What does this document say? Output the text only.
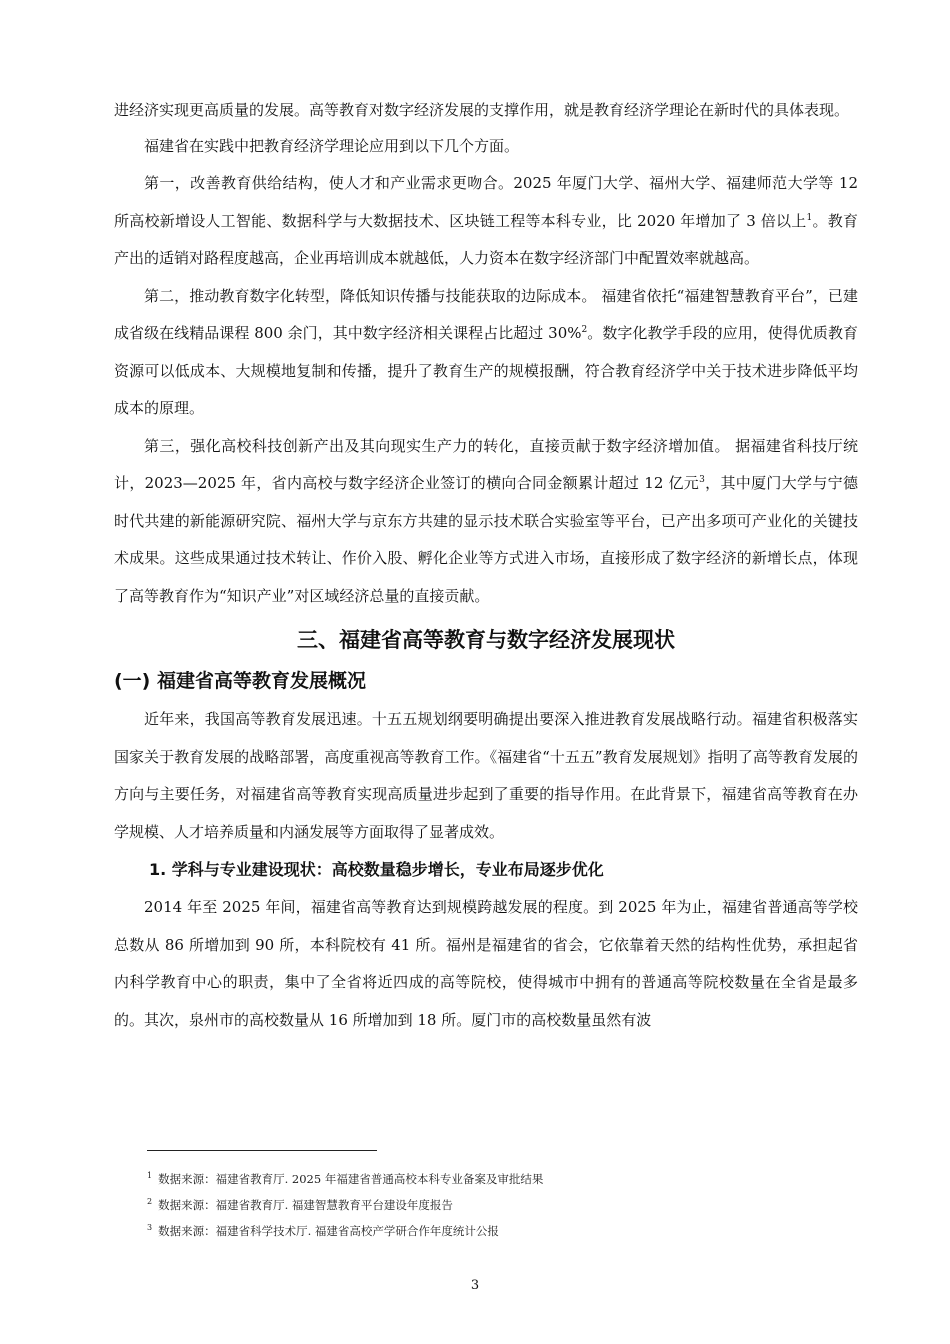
进经济实现更高质量的发展。高等教育对数字经济发展的支撑作用，就是教育经济学理论在新时代的具体表现。

福建省在实践中把教育经济学理论应用到以下几个方面。

第一，改善教育供给结构，使人才和产业需求更吻合。2025 年厦门大学、福州大学、福建师范大学等 12 所高校新增设人工智能、数据科学与大数据技术、区块链工程等本科专业，比 2020 年增加了 3 倍以上$^1$。教育产出的适销对路程度越高，企业再培训成本就越低，人力资本在数字经济部门中配置效率就越高。

第二，推动教育数字化转型，降低知识传播与技能获取的边际成本。 福建省依托“福建智慧教育平台”，已建成省级在线精品课程 800 余门，其中数字经济相关课程占比超过 30%$^2$。数字化教学手段的应用，使得优质教育资源可以低成本、大规模地复制和传播，提升了教育生产的规模报酬，符合教育经济学中关于技术进步降低平均成本的原理。

第三，强化高校科技创新产出及其向现实生产力的转化，直接贡献于数字经济增加值。 据福建省科技厅统计，2023—2025 年，省内高校与数字经济企业签订的横向合同金额累计超过 12 亿元$^3$，其中厦门大学与宁德时代共建的新能源研究院、福州大学与京东方共建的显示技术联合实验室等平台，已产出多项可产业化的关键技术成果。这些成果通过技术转让、作价入股、孵化企业等方式进入市场，直接形成了数字经济的新增长点，体现了高等教育作为“知识产业”对区域经济总量的直接贡献。

三、福建省高等教育与数字经济发展现状
(一) 福建省高等教育发展概况

近年来，我国高等教育发展迅速。十五五规划纲要明确提出要深入推进教育发展战略行动。福建省积极落实国家关于教育发展的战略部署，高度重视高等教育工作。《福建省“十五五”教育发展规划》指明了高等教育发展的方向与主要任务，对福建省高等教育实现高质量进步起到了重要的指导作用。在此背景下，福建省高等教育在办学规模、人才培养质量和内涵发展等方面取得了显著成效。

1. 学科与专业建设现状：高校数量稳步增长，专业布局逐步优化

2014 年至 2025 年间，福建省高等教育达到规模跨越发展的程度。到 2025 年为止，福建省普通高等学校总数从 86 所增加到 90 所，本科院校有 41 所。福州是福建省的省会，它依靠着天然的结构性优势，承担起省内科学教育中心的职责，集中了全省将近四成的高等院校，使得城市中拥有的普通高等院校数量在全省是最多的。其次，泉州市的高校数量从 16 所增加到 18 所。厦门市的高校数量虽然有波

$^1$ 数据来源：福建省教育厅. 2025 年福建省普通高校本科专业备案及审批结果
$^2$ 数据来源：福建省教育厅. 福建智慧教育平台建设年度报告
$^3$ 数据来源：福建省科学技术厅. 福建省高校产学研合作年度统计公报
3
